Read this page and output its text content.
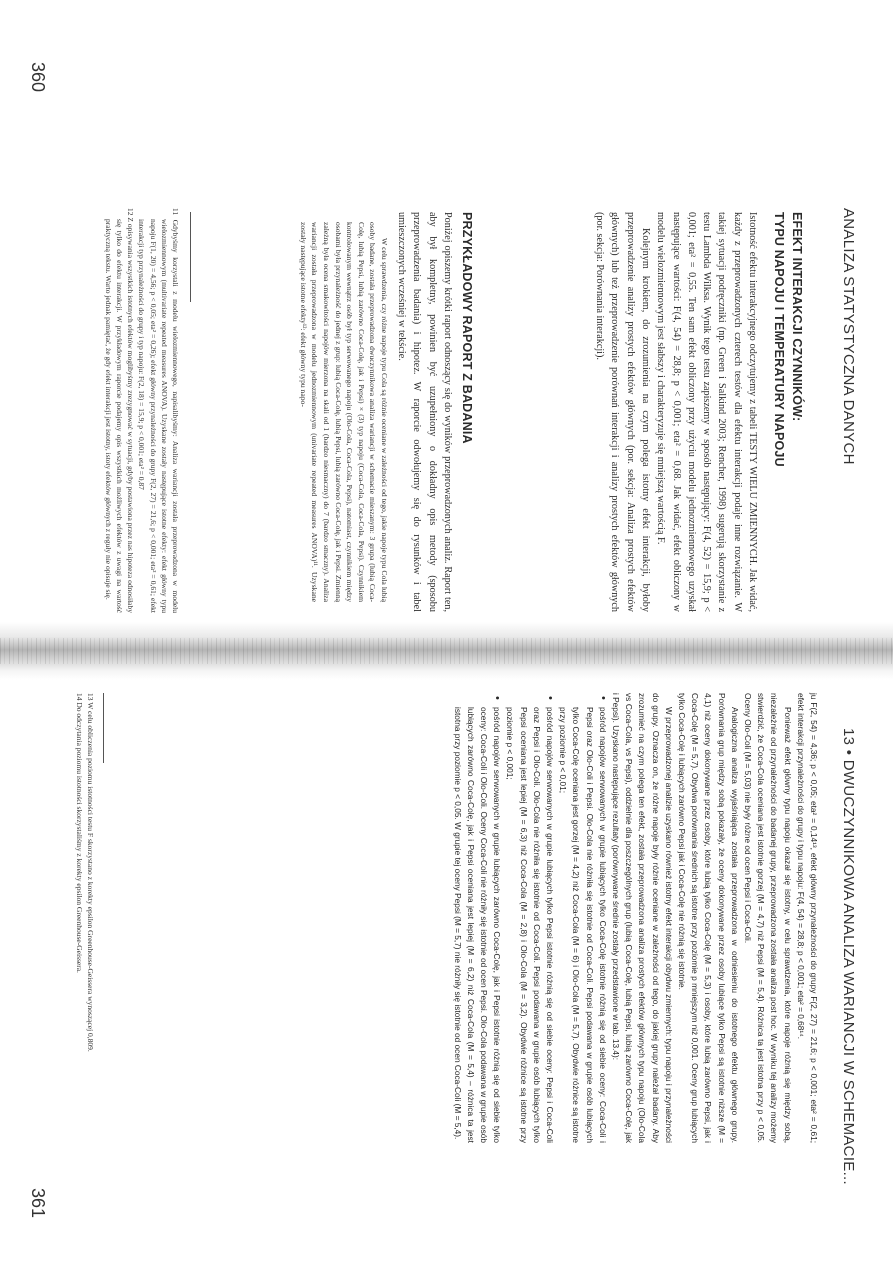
360
ANALIZA STATYSTYCZNA DANYCH
EFEKT INTERAKCJI CZYNNIKÓW:
TYPU NAPOJU I TEMPERATURY NAPOJU

Istotność efektu interakcyjnego odczytujemy z tabeli TESTY WIELU ZMIENNYCH. Jak widać, każdy z przeprowadzonych czterech testów dla efektu interakcji podaje inne rozwiązanie. W takiej sytuacji podręczniki (np. Green i Salkind 2003; Rencher, 1998) sugerują skorzystanie z testu Lambda Wilksa. Wynik tego testu zapiszemy w sposób następujący: F(4, 52) = 15,9; p < 0,001; eta² = 0,55. Ten sam efekt obliczony przy użyciu modelu jednozmiennowego uzyskał następujące wartości: F(4, 54) = 28,8; p < 0,001; eta² = 0,68. Jak widać, efekt obliczony w modelu wielozmiennowym jest słabszy i charakteryzuje się mniejszą wartością F.

Kolejnym krokiem, do zrozumienia na czym polega istotny efekt interakcji, byłoby przeprowadzenie analizy prostych efektów głównych (por. sekcja: Analiza prostych efektów głównych) lub też przeprowadzenie porównań interakcji i analizy prostych efektów głównych (por. sekcja: Porównania interakcji).

PRZYKŁADOWY RAPORT Z BADANIA

Poniżej opiszemy krótki raport odnoszący się do wyników przeprowadzonych analiz. Raport ten, aby był kompletny, powinien być uzupełniony o dokładny opis metody (sposobu przeprowadzenia badania) i hipotez. W raporcie odwołujemy się do rysunków i tabel umieszczonych wcześniej w tekście.

W celu sprawdzenia, czy różne napoje typu Cola są różnie oceniane w zależności od tego, jakie napoje typu Cola lubią osoby badane, została przeprowadzona dwuczynnikowa analiza wariancji w schemacie mieszanym: 3 grupa (lubią Coca-Colę, lubią Pepsi, lubią zarówno Coca-Colę, jak i Pepsi) × (3) typ napoju (Coca-Cola, Coca-Cola, Pepsi). Czynnikiem kontrolowanym wewnątrz osób był typ serwowanego napoju (Olo-Cola, Coca-Cola, Pepsi), natomiast, czynnikiem między osobami była przynależność do jednej z grup: lubią Coca-Colę, lubią Pepsi, lubią zarówno Coca-Colę, jak i Pepsi. Zmienną zależną była ocena smakowitości napojów mierzona na skali od 1 (bardzo niesmaczny) do 7 (bardzo smaczny). Analiza wariancji została przeprowadzona w modelu jednozmiennowym (univariate repeated measures ANOVA)¹¹. Uzyskane zostały następujące istotne efekty¹²: efekt główny typu napo-

11 Gdybyśmy korzystali z modelu wielozmiennowego, napisalibyśmy: Analiza wariancji została przeprowadzona w modelu wielozmiennowym (multivariate repeated measures ANOVA). Uzyskane zostały następujące istotne efekty: efekt główny typu napoju F(1, 20) = 4,56; p < 0,05; eta² = 0,26); efekt główny przynależności do grupy F(2, 27) = 21,6; p < 0,001; eta² = 0,61; efekt interakcji typ przynależności do grupy i typ napoju: F(2, 18) = 15,9; p < 0,001; eta² = 0,87

12 Z opisywania wszystkich istotnych efektów moglibyśmy zrezygnować w sytuacji, gdyby postawiona przez nas hipoteza odnosiłaby się tylko do efektu interakcji. W przykładowym raporcie podajemy opis wszystkich możliwych efektów z uwagi na wartość praktyczną tekstu. Warto jednak pamiętać, że gdy efekt interakcji jest istotny, istoty efektów głównych z reguły nie opisuje się.

13 • DWUCZYNNIKOWA ANALIZA WARIANCJI W SCHEMACIE...

ju F(2, 54) = 4,36; p < 0,05; eta² = 0,14¹³, efekt główny przynależności do grupy F(2, 27) = 21,6; p < 0,001; eta² = 0,61; efekt interakcji przynależności do grupy i typu napoju: F(4, 54) = 28,8; p < 0,001; eta² = 0,68¹⁴.

Ponieważ efekt główny typu napoju okazał się istotny, w celu sprawdzenia, które napoje różnią się między sobą, niezależnie od przynależności do badanej grupy, przeprowadzona została analiza post hoc. W wyniku tej analizy możemy stwierdzić, że Coca-Cola oceniana jest istotnie gorzej (M = 4,7) niż Pepsi (M = 5,4). Różnica ta jest istotna przy p < 0,05. Oceny Olo-Coli (M = 5,03) nie były różne od ocen Pepsi i Coca-Coli.

Analogiczna analiza wyjaśniająca została przeprowadzona w odniesieniu do istotnego efektu głównego grupy. Porównania grup między sobą pokazały, że oceny dokonywane przez osoby lubiące tylko Pepsi są istotnie niższe (M = 4,1) niż oceny dokonywane przez osoby, które lubią tylko Coca-Colę (M = 5,3) i osoby, które lubią zarówno Pepsi, jak i Coca-Colę (M = 5,7). Obydwa porównania średnich są istotne przy poziomie p mniejszym niż 0,001. Oceny grup lubiących tylko Coca-Colę i lubiących zarówno Pepsi jak i Coca-Colę nie różnią się istotnie.

W przeprowadzonej analizie uzyskano również istotny efekt interakcji obydwu zmiennych: typu napoju i przynależności do grupy. Oznacza on, że różne napoje były różnie oceniane w zależności od tego, do jakiej grupy należał badany. Aby zrozumieć na czym polega ten efekt, została przeprowadzona analiza prostych efektów głównych typu napoju (Olo-Cola vs Coca-Cola, vs Pepsi), oddzielnie dla poszczególnych grup (lubią Coca-Colę, lubią Pepsi, lubią zarówno Coca-Colę, jak i Pepsi). Uzyskano następujące rezultaty (porównywane średnie zostały przedstawione w tab. 13.4):

• pośród napojów serwowanych w grupie lubiących tylko Coca-Colę istotnie różnią się od siebie oceny: Coca-Coli i Pepsi oraz Olo-Coli i Pepsi. Olo-Cola nie różniła się istotnie od Coca-Coli. Pepsi podawana w grupie osób lubiących tylko Coca-Colę oceniana jest gorzej (M = 4,2) niż Coca-Cola (M = 6) i Olo-Cola (M = 5,7). Obydwie różnice są istotne przy poziomie p < 0,01;
• pośród napojów serwowanych w grupie lubiących tylko Pepsi istotnie różnią się od siebie oceny: Pepsi i Coca-Coli oraz Pepsi i Olo-Coli. Olo-Cola nie różniła się istotnie od Coca-Coli. Pepsi podawana w grupie osób lubiących tylko Pepsi oceniana jest lepiej (M = 6,3) niż Coca-Cola (M = 2,8) i Olo-Cola (M = 3,2). Obydwie różnice są istotne przy poziomie p < 0,001;
• pośród napojów serwowanych w grupie lubiących zarówno Coca-Colę, jak i Pepsi istotnie różnią się od siebie tylko oceny: Coca-Coli i Olo-Coli. Oceny Coca-Coli nie różniły się istotnie od ocen Pepsi. Olo-Cola podawana w grupie osób lubiących zarówno Coca-Colę, jak i Pepsi oceniana jest lepiej (M = 6,2) niż Coca-Cola (M = 5,4) – różnica ta jest istotna przy poziomie p < 0,05. W grupie tej oceny Pepsi (M = 5,7) nie różniły się istotnie od ocen Coca-Coli (M = 5,4).

13 W celu obliczenia poziomu istotności testu F skorzystano z korekty epsilon Greenhouse-Geissera wynoszącej 0,809.

14 Do odczytania poziomu istotności skorzystaliśmy z korekty epsilon Greenhouse-Geissera.

361
